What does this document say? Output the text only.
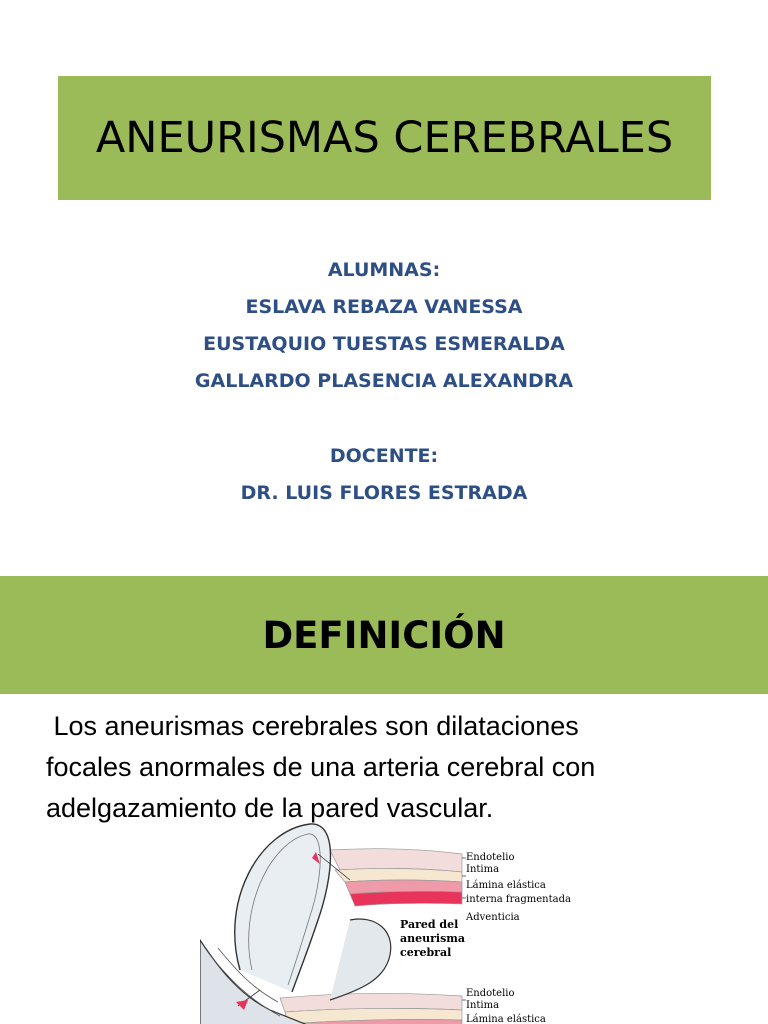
ANEURISMAS CEREBRALES
ALUMNAS:
ESLAVA REBAZA VANESSA
EUSTAQUIO TUESTAS ESMERALDA
GALLARDO PLASENCIA ALEXANDRA
DOCENTE:
DR. LUIS FLORES ESTRADA
DEFINICIÓN
Los aneurismas cerebrales son dilataciones
focales anormales de una arteria cerebral con
adelgazamiento de la pared vascular.
Endotelio
Intima
Lámina elástica
interna fragmentada
Adventicia
Endotelio
Intima
Lámina elástica
Pared del
aneurisma
cerebral
